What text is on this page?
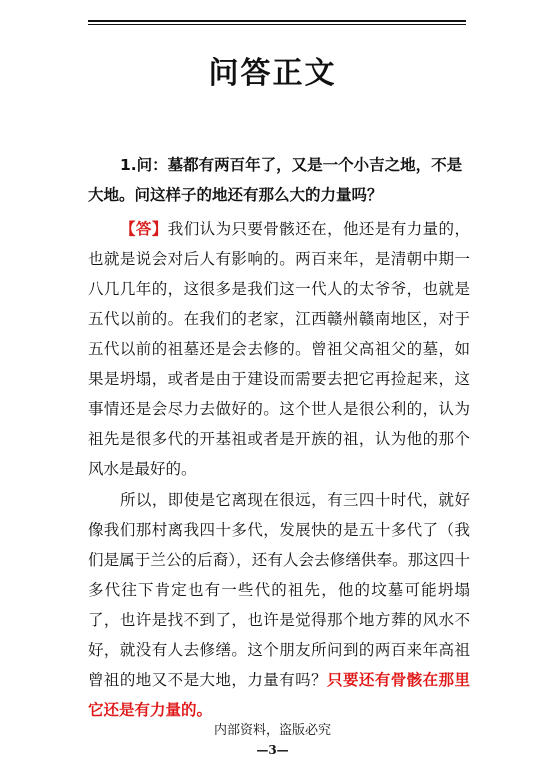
问答正文

1.问：墓都有两百年了，又是一个小吉之地，不是大地。问这样子的地还有那么大的力量吗？

【答】我们认为只要骨骸还在，他还是有力量的，也就是说会对后人有影响的。两百来年，是清朝中期一八几几年的，这很多是我们这一代人的太爷爷，也就是五代以前的。在我们的老家，江西赣州赣南地区，对于五代以前的祖墓还是会去修的。曾祖父高祖父的墓，如果是坍塌，或者是由于建设而需要去把它再捡起来，这事情还是会尽力去做好的。这个世人是很公利的，认为祖先是很多代的开基祖或者是开族的祖，认为他的那个风水是最好的。

所以，即使是它离现在很远，有三四十时代，就好像我们那村离我四十多代，发展快的是五十多代了（我们是属于兰公的后裔），还有人会去修缮供奉。那这四十多代往下肯定也有一些代的祖先，他的坟墓可能坍塌了，也许是找不到了，也许是觉得那个地方葬的风水不好，就没有人去修缮。这个朋友所问到的两百来年高祖曾祖的地又不是大地，力量有吗？只要还有骨骸在那里它还是有力量的。

内部资料，盗版必究
—3—
